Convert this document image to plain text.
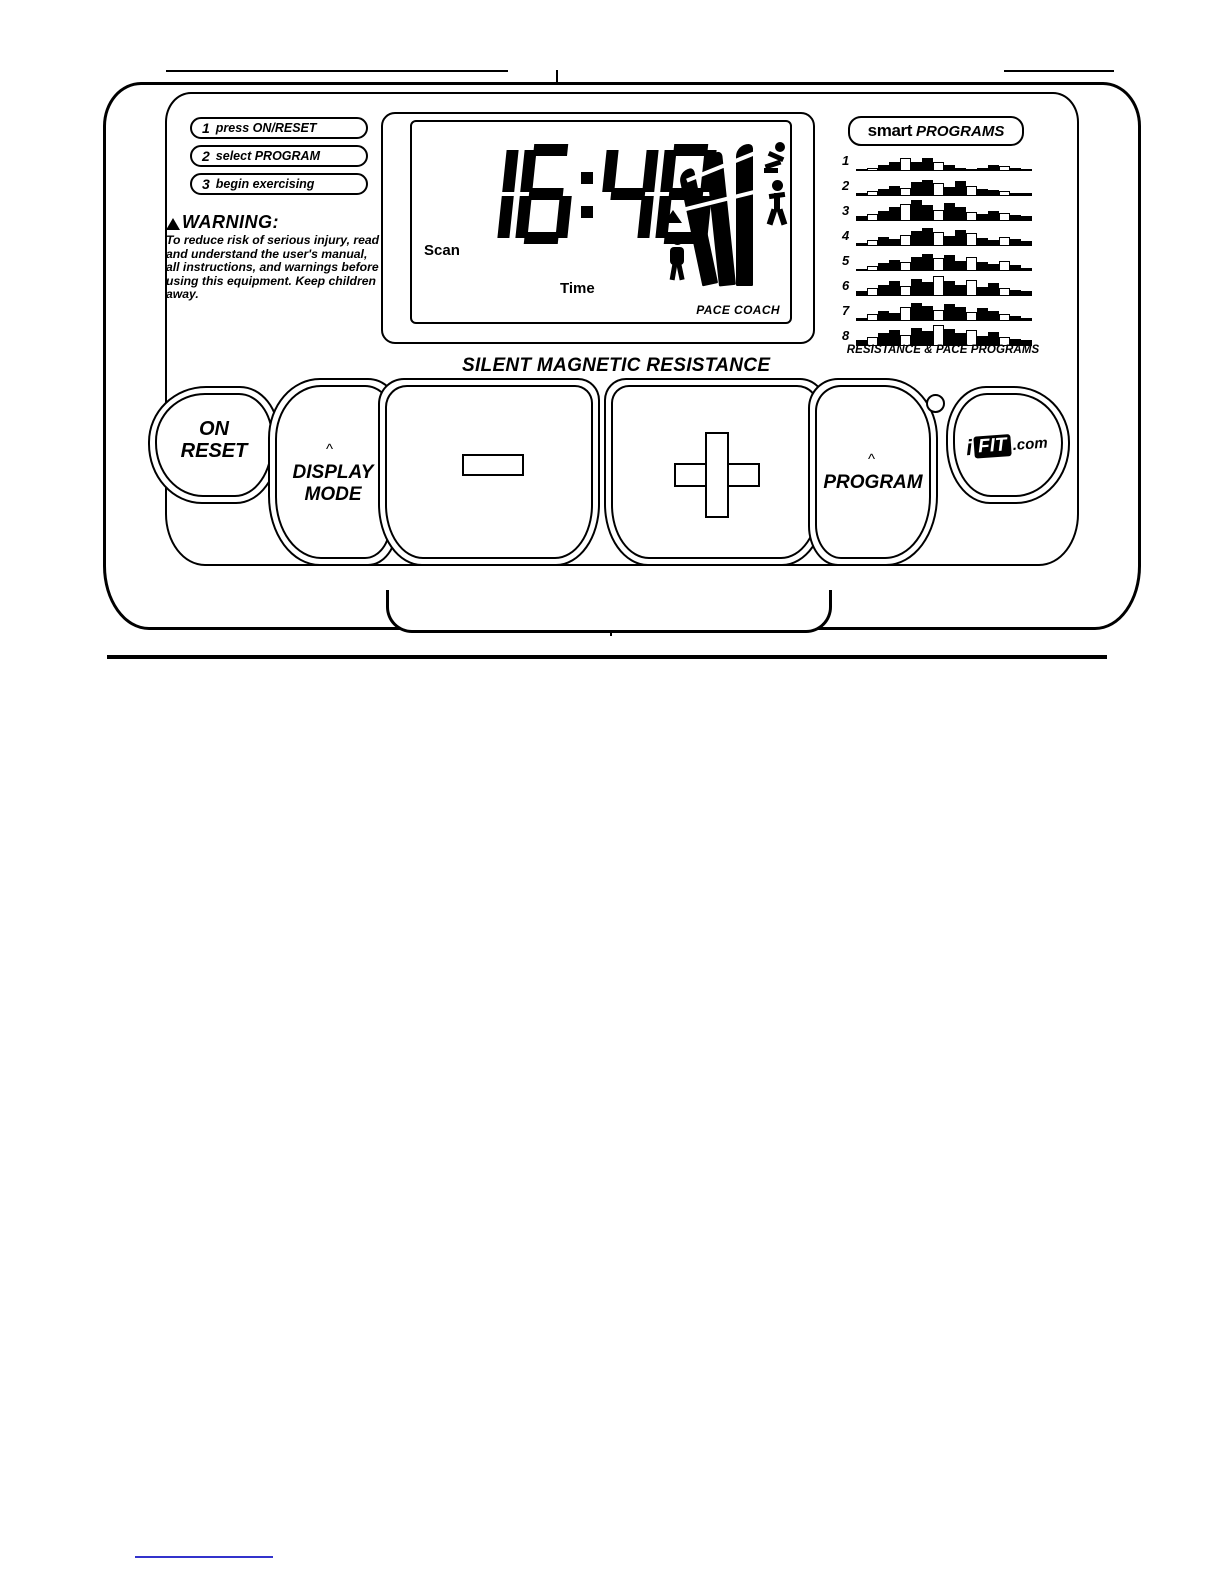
1 press ON/RESET
2 select PROGRAM
3 begin exercising
WARNING:
To reduce risk of serious injury, read and understand the user's manual, all instructions, and warnings before using this equipment. Keep children away.
Scan
Time
PACE COACH
smart PROGRAMS
1
2
3
4
5
6
7
8
RESISTANCE & PACE PROGRAMS
SILENT MAGNETIC RESISTANCE
ON
RESET	^
DISPLAY
MODE
^
PROGRAM
i FIT .com
